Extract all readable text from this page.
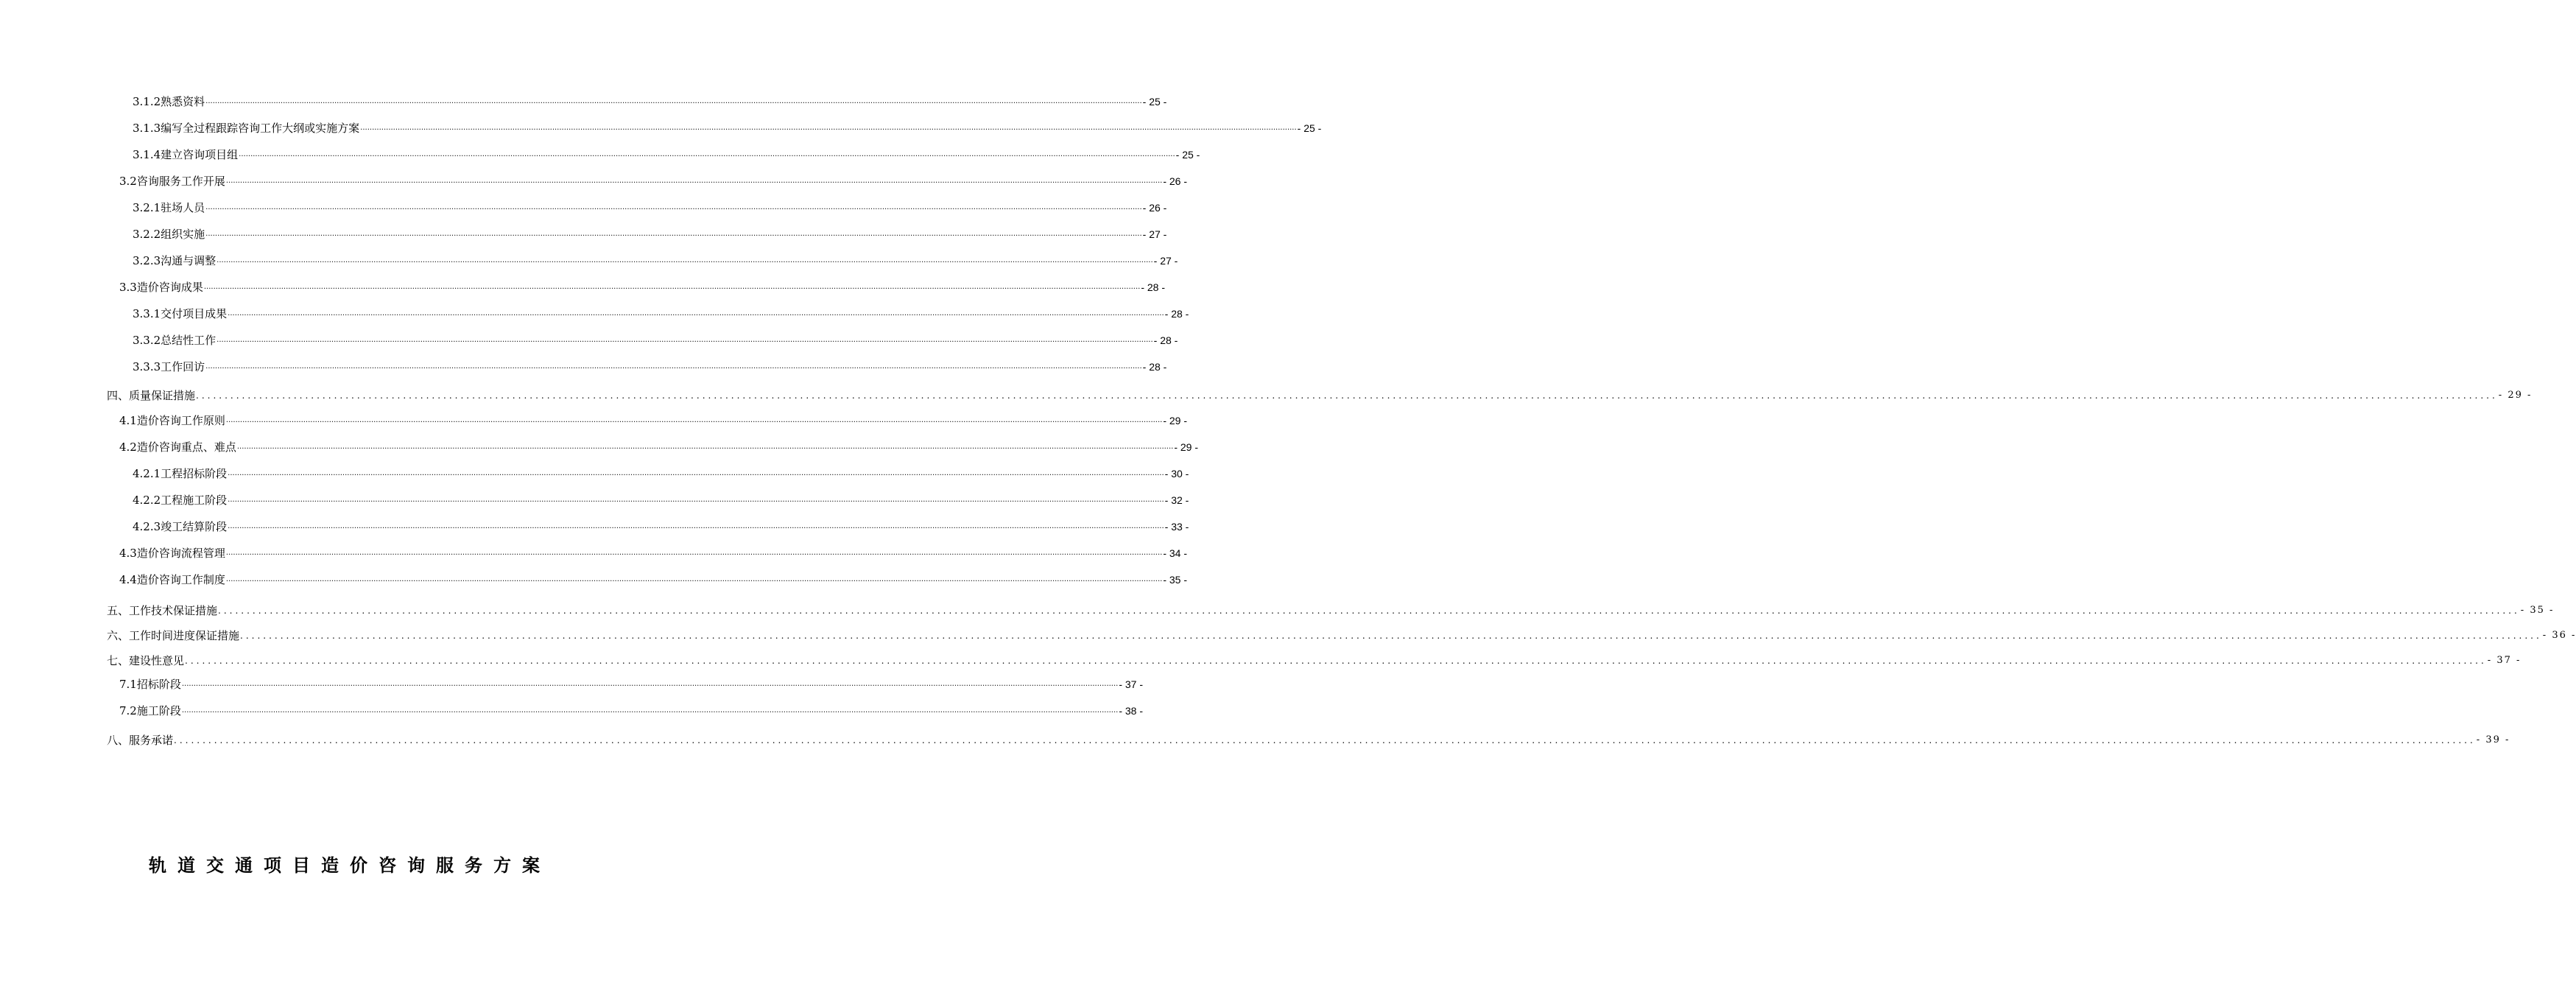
3.1.2熟悉资料 ................................................................................................................................................................................................................................................................................................................................................................................................................ - 25 -
3.1.3编写全过程跟踪咨询工作大纲或实施方案 ................................................................................................................................................................................................................................................................................................................................................................................................................ - 25 -
3.1.4建立咨询项目组 ................................................................................................................................................................................................................................................................................................................................................................................................................ - 25 -
3.2咨询服务工作开展 ................................................................................................................................................................................................................................................................................................................................................................................................................ - 26 -
3.2.1驻场人员 ................................................................................................................................................................................................................................................................................................................................................................................................................ - 26 -
3.2.2组织实施 ................................................................................................................................................................................................................................................................................................................................................................................................................ - 27 -
3.2.3沟通与调整 ................................................................................................................................................................................................................................................................................................................................................................................................................ - 27 -
3.3造价咨询成果 ................................................................................................................................................................................................................................................................................................................................................................................................................ - 28 -
3.3.1交付项目成果 ................................................................................................................................................................................................................................................................................................................................................................................................................ - 28 -
3.3.2总结性工作 ................................................................................................................................................................................................................................................................................................................................................................................................................ - 28 -
3.3.3工作回访 ................................................................................................................................................................................................................................................................................................................................................................................................................ - 28 -
四、质量保证措施 ................................................................................................................................................................................................................................................................................................................................................................................................................ - 29 -
4.1造价咨询工作原则 ................................................................................................................................................................................................................................................................................................................................................................................................................ - 29 -
4.2造价咨询重点、难点 ................................................................................................................................................................................................................................................................................................................................................................................................................ - 29 -
4.2.1工程招标阶段 ................................................................................................................................................................................................................................................................................................................................................................................................................ - 30 -
4.2.2工程施工阶段 ................................................................................................................................................................................................................................................................................................................................................................................................................ - 32 -
4.2.3竣工结算阶段 ................................................................................................................................................................................................................................................................................................................................................................................................................ - 33 -
4.3造价咨询流程管理 ................................................................................................................................................................................................................................................................................................................................................................................................................ - 34 -
4.4造价咨询工作制度 ................................................................................................................................................................................................................................................................................................................................................................................................................ - 35 -
五、工作技术保证措施 ................................................................................................................................................................................................................................................................................................................................................................................................................ - 35 -
六、工作时间进度保证措施 ................................................................................................................................................................................................................................................................................................................................................................................................................ - 36 -
七、建设性意见 ................................................................................................................................................................................................................................................................................................................................................................................................................ - 37 -
7.1招标阶段 ................................................................................................................................................................................................................................................................................................................................................................................................................ - 37 -
7.2施工阶段 ................................................................................................................................................................................................................................................................................................................................................................................................................ - 38 -
八、服务承诺 ................................................................................................................................................................................................................................................................................................................................................................................................................ - 39 -
轨道交通项目造价咨询服务方案
